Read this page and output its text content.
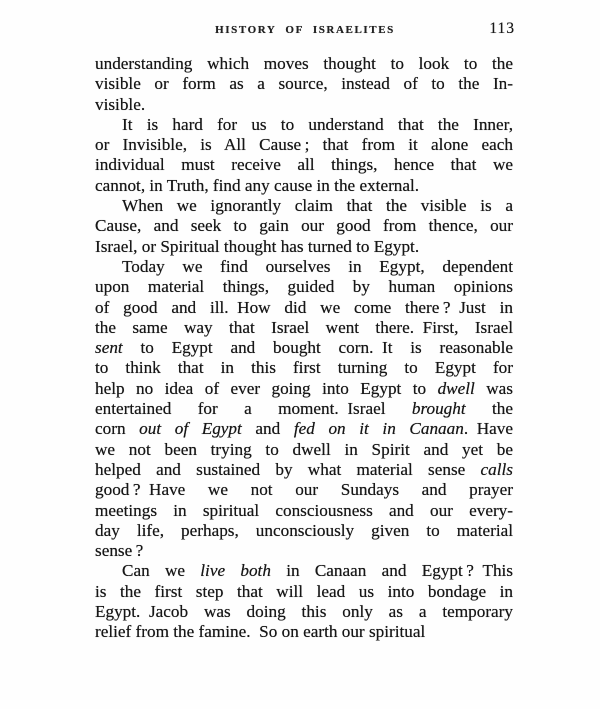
HISTORY OF ISRAELITES	113
understanding which moves thought to look to the
visible or form as a source, instead of to the In-
visible.
It is hard for us to understand that the Inner,
or Invisible, is All Cause ; that from it alone each
individual must receive all things, hence that we
cannot, in Truth, find any cause in the external.
When we ignorantly claim that the visible is a
Cause, and seek to gain our good from thence, our
Israel, or Spiritual thought has turned to Egypt.
Today we find ourselves in Egypt, dependent
upon material things, guided by human opinions
of good and ill. How did we come there ? Just in
the same way that Israel went there. First, Israel
sent to Egypt and bought corn. It is reasonable
to think that in this first turning to Egypt for
help no idea of ever going into Egypt to dwell was
entertained for a moment. Israel brought the
corn out of Egypt and fed on it in Canaan. Have
we not been trying to dwell in Spirit and yet be
helped and sustained by what material sense calls
good ? Have we not our Sundays and prayer
meetings in spiritual consciousness and our every-
day life, perhaps, unconsciously given to material
sense ?
Can we live both in Canaan and Egypt ? This
is the first step that will lead us into bondage in
Egypt. Jacob was doing this only as a temporary
relief from the famine. So on earth our spiritual
